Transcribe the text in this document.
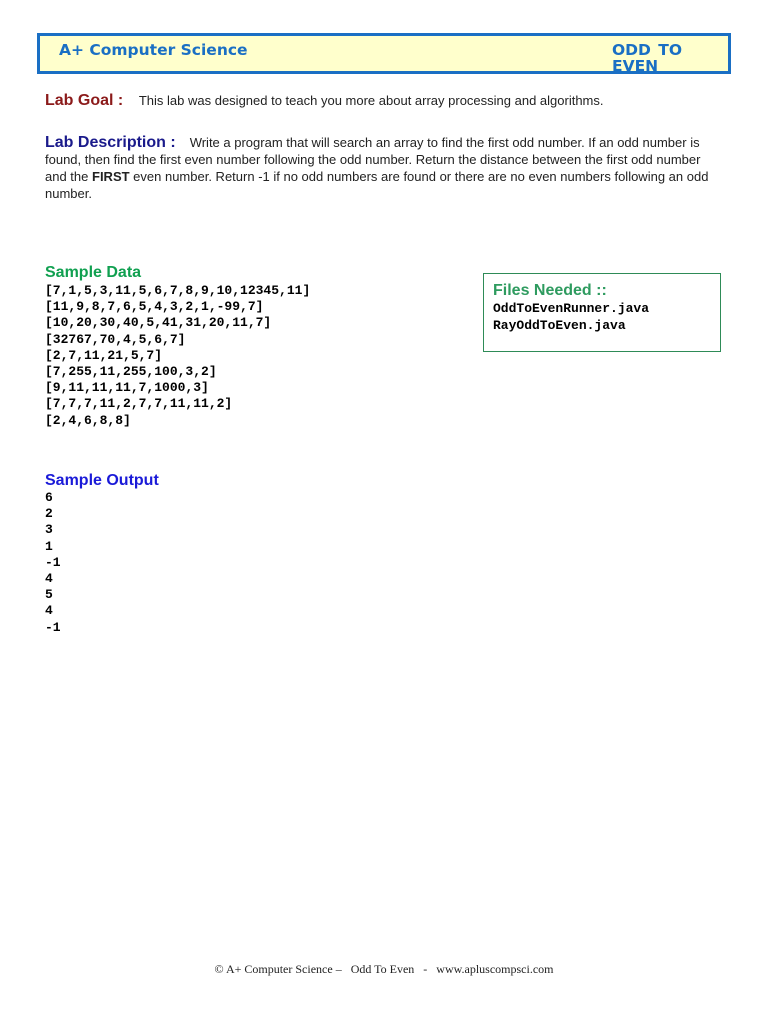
A+ Computer Science	ODD TO EVEN
Lab Goal : This lab was designed to teach you more about array processing and algorithms.
Lab Description : Write a program that will search an array to find the first odd number. If an odd number is found, then find the first even number following the odd number. Return the distance between the first odd number and the FIRST even number. Return -1 if no odd numbers are found or there are no even numbers following an odd number.
Sample Data
[7,1,5,3,11,5,6,7,8,9,10,12345,11]
[11,9,8,7,6,5,4,3,2,1,-99,7]
[10,20,30,40,5,41,31,20,11,7]
[32767,70,4,5,6,7]
[2,7,11,21,5,7]
[7,255,11,255,100,3,2]
[9,11,11,11,7,1000,3]
[7,7,7,11,2,7,7,11,11,2]
[2,4,6,8,8]
Files Needed ::
OddToEvenRunner.java
RayOddToEven.java
Sample Output
6
2
3
1
-1
4
5
4
-1
© A+ Computer Science –   Odd To Even   -   www.apluscompsci.com
